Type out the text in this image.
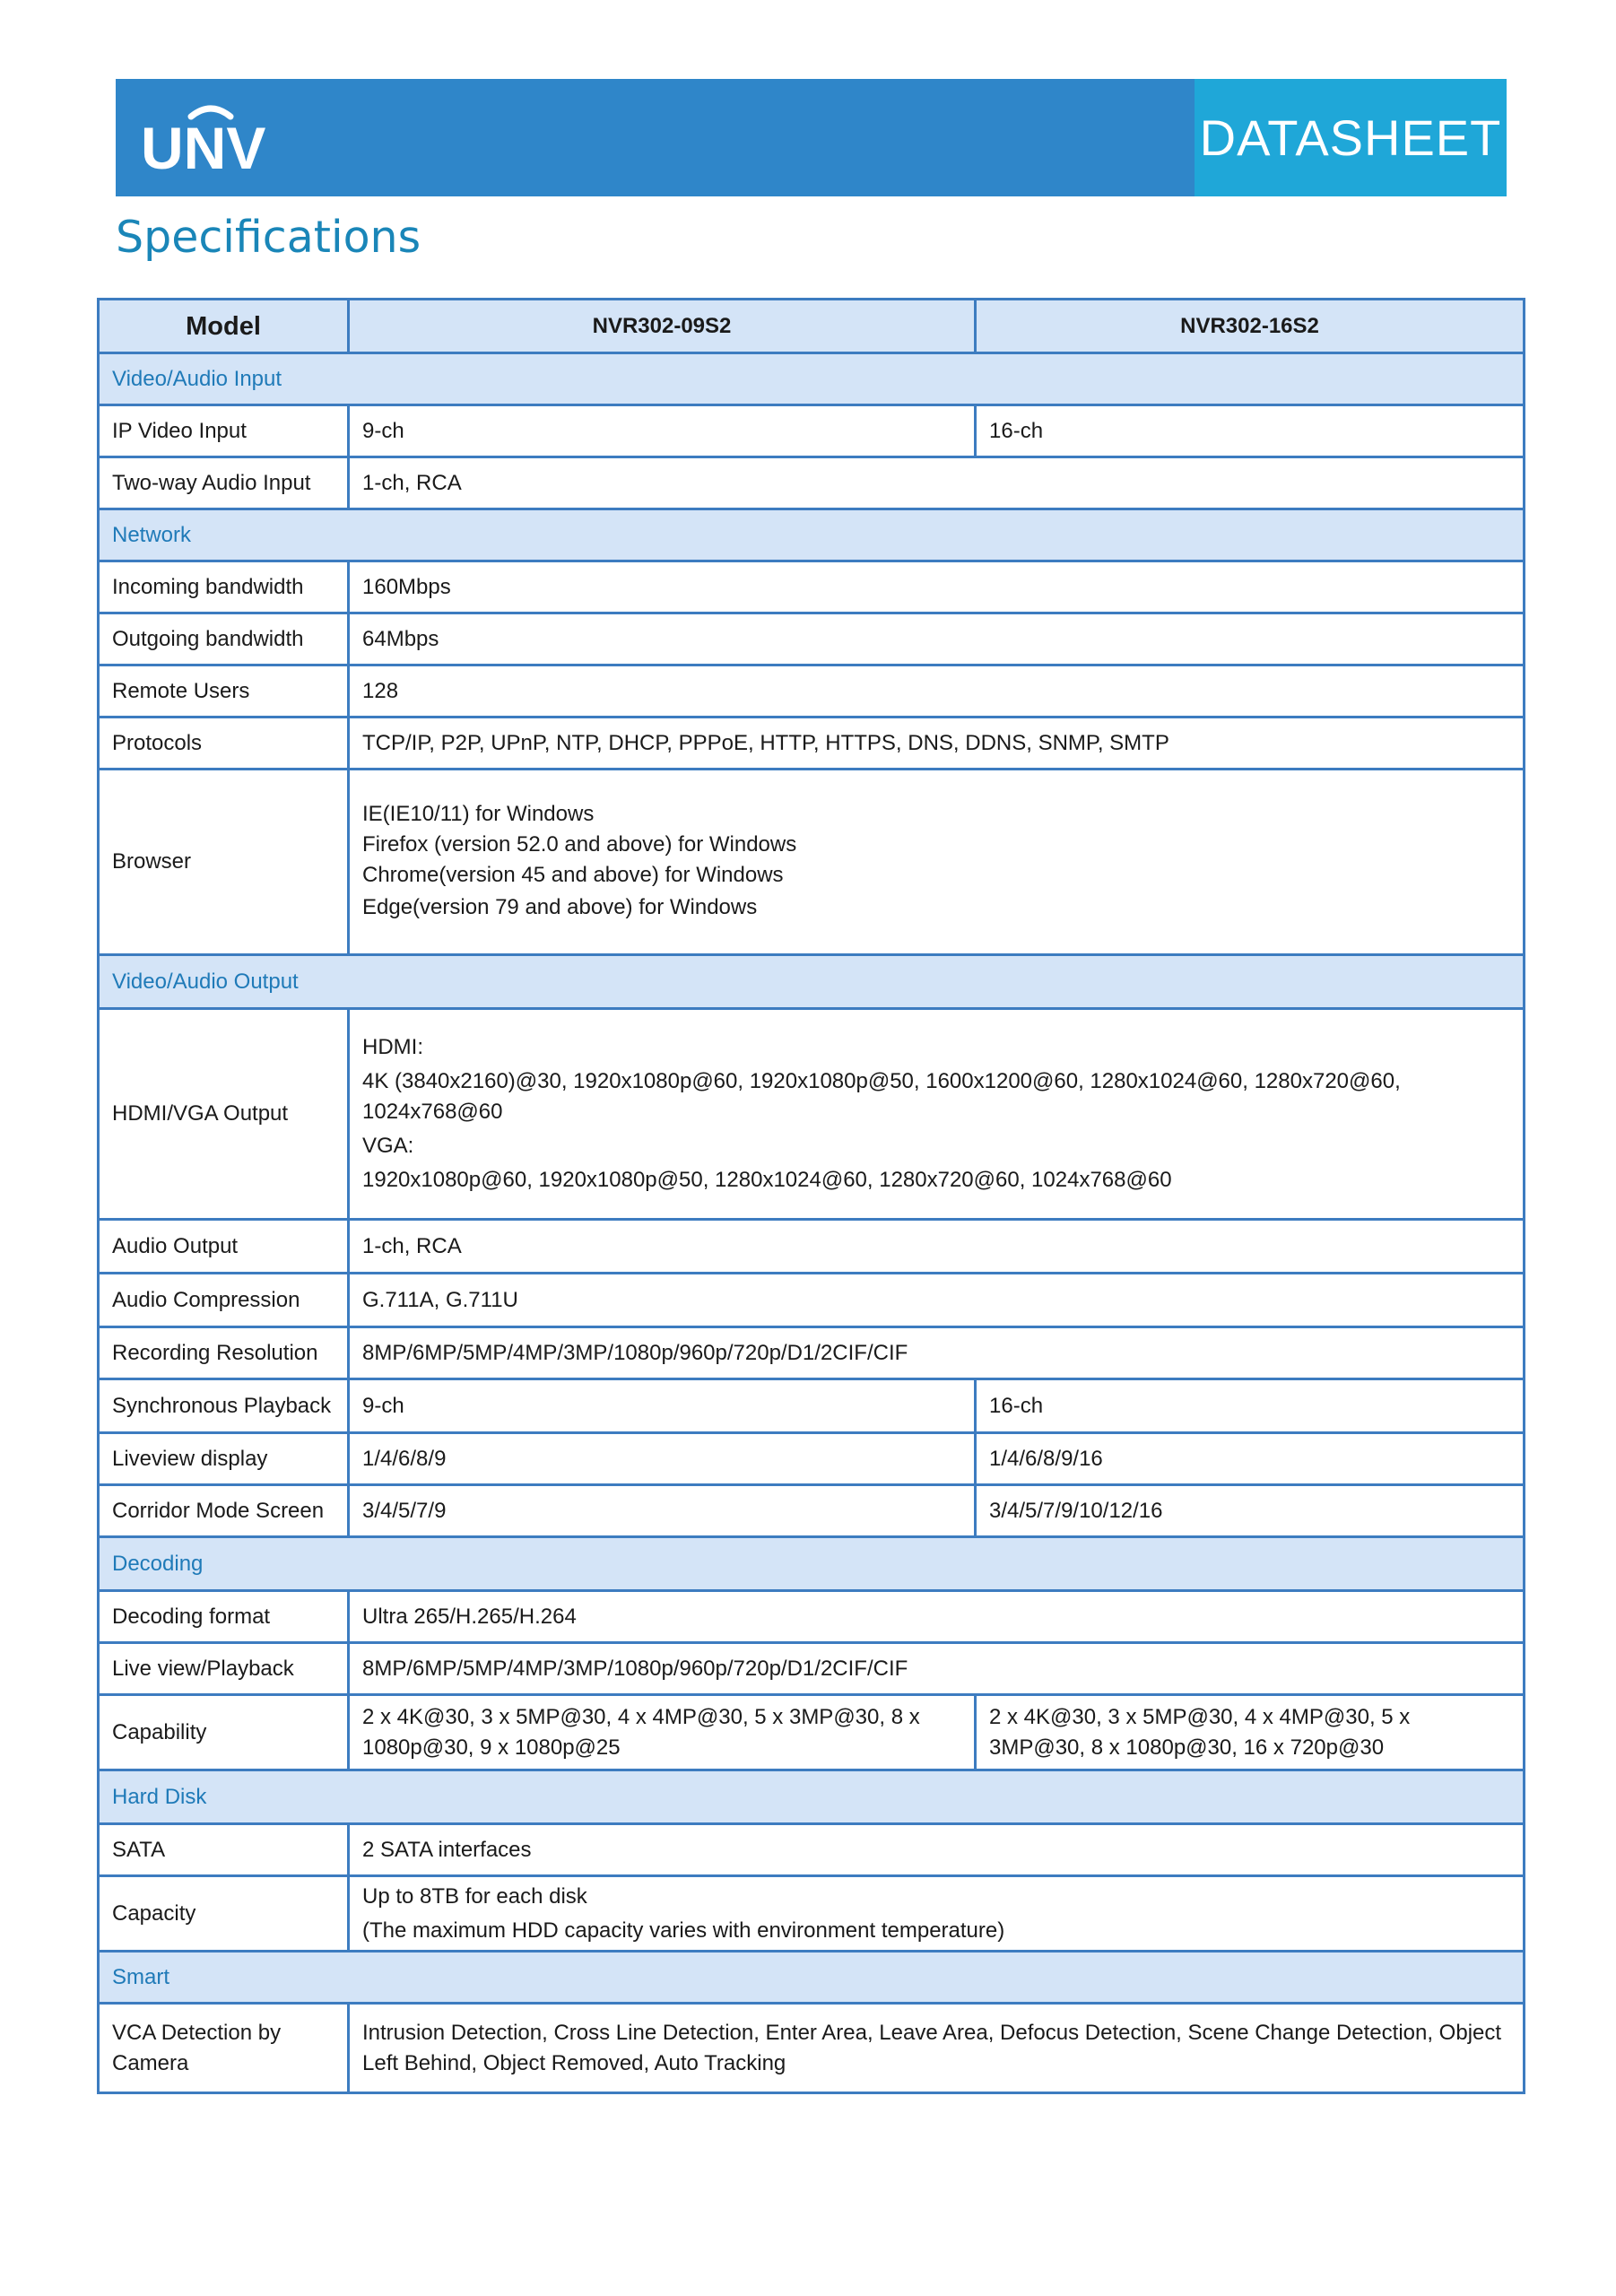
UNV	DATASHEET
Specifications
Model	NVR302-09S2	NVR302-16S2
Video/Audio Input		
IP Video Input	9-ch	16-ch
Two-way Audio Input	1-ch, RCA	
Network		
Incoming bandwidth	160Mbps	
Outgoing bandwidth	64Mbps	
Remote Users	128	
Protocols	TCP/IP, P2P, UPnP, NTP, DHCP, PPPoE, HTTP, HTTPS, DNS, DDNS, SNMP, SMTP	
Browser	IE(IE10/11) for Windows
Firefox (version 52.0 and above) for Windows
Chrome(version 45 and above) for Windows
Edge(version 79 and above) for Windows	

Video/Audio Output		
HDMI/VGA Output	HDMI:
4K (3840x2160)@30, 1920x1080p@60, 1920x1080p@50, 1600x1200@60, 1280x1024@60, 1280x720@60, 1024x768@60
VGA:
1920x1080p@60, 1920x1080p@50, 1280x1024@60, 1280x720@60, 1024x768@60	

Audio Output	1-ch, RCA	
Audio Compression	G.711A, G.711U	
Recording Resolution	8MP/6MP/5MP/4MP/3MP/1080p/960p/720p/D1/2CIF/CIF	
Synchronous Playback	9-ch	16-ch
Liveview display	1/4/6/8/9	1/4/6/8/9/16
Corridor Mode Screen	3/4/5/7/9	3/4/5/7/9/10/12/16
Decoding		
Decoding format	Ultra 265/H.265/H.264	
Live view/Playback	8MP/6MP/5MP/4MP/3MP/1080p/960p/720p/D1/2CIF/CIF	
Capability	2 x 4K@30, 3 x 5MP@30, 4 x 4MP@30, 5 x 3MP@30, 8 x 1080p@30, 9 x 1080p@25	2 x 4K@30, 3 x 5MP@30, 4 x 4MP@30, 5 x 3MP@30, 8 x 1080p@30, 16 x 720p@30
Hard Disk		
SATA	2 SATA interfaces	
Capacity	Up to 8TB for each disk
(The maximum HDD capacity varies with environment temperature)	

Smart		
VCA Detection by Camera	Intrusion Detection, Cross Line Detection, Enter Area, Leave Area, Defocus Detection, Scene Change Detection, Object Left Behind, Object Removed, Auto Tracking	
